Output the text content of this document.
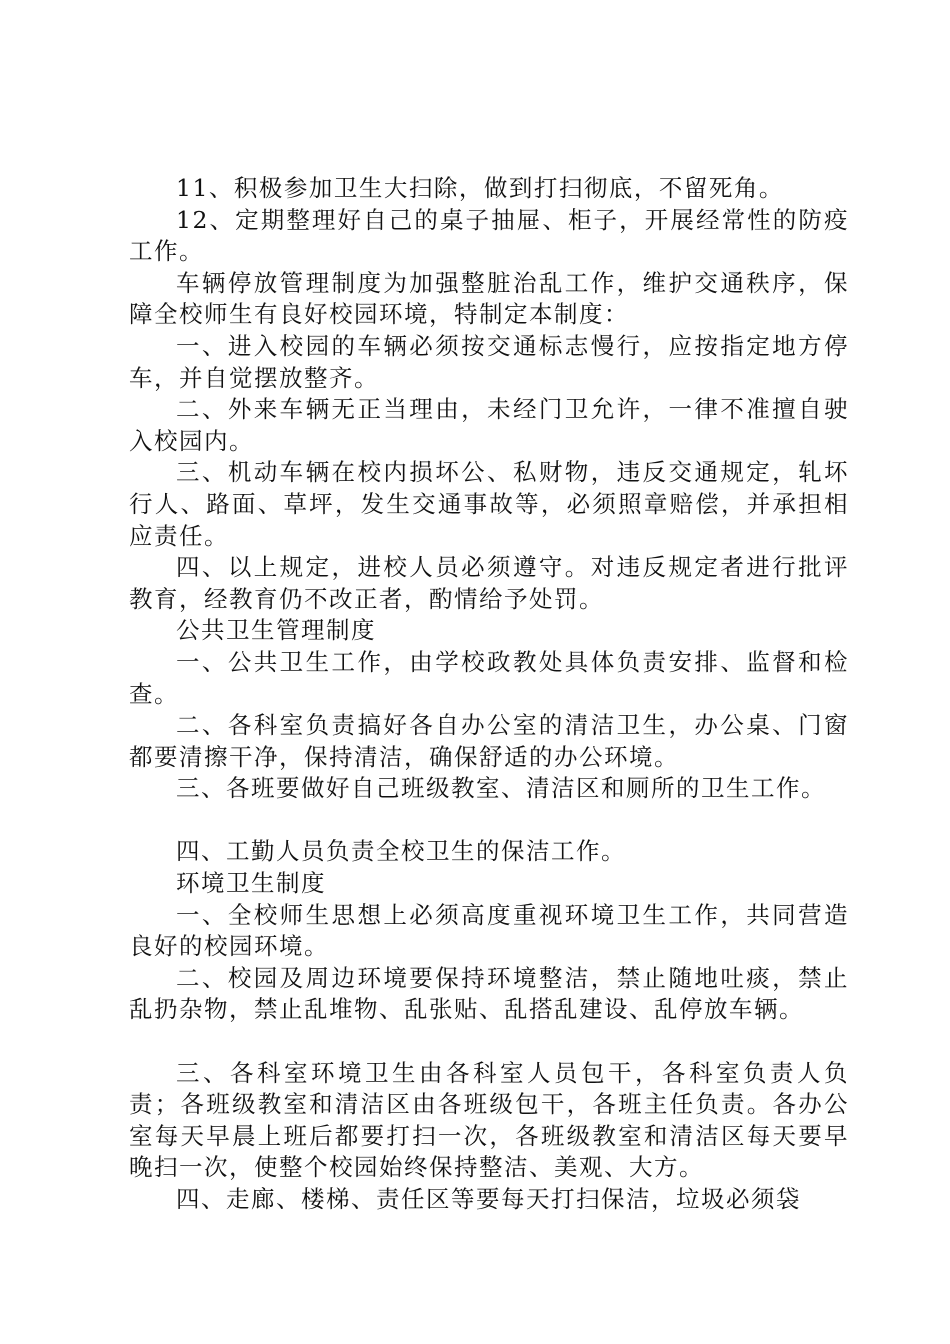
11、积极参加卫生大扫除，做到打扫彻底，不留死角。

12、定期整理好自己的桌子抽屉、柜子，开展经常性的防疫工作。

车辆停放管理制度为加强整脏治乱工作，维护交通秩序，保障全校师生有良好校园环境，特制定本制度：

一、进入校园的车辆必须按交通标志慢行，应按指定地方停车，并自觉摆放整齐。

二、外来车辆无正当理由，未经门卫允许，一律不准擅自驶入校园内。

三、机动车辆在校内损坏公、私财物，违反交通规定，轧坏行人、路面、草坪，发生交通事故等，必须照章赔偿，并承担相应责任。

四、以上规定，进校人员必须遵守。对违反规定者进行批评教育，经教育仍不改正者，酌情给予处罚。

公共卫生管理制度

一、公共卫生工作，由学校政教处具体负责安排、监督和检查。

二、各科室负责搞好各自办公室的清洁卫生，办公桌、门窗都要清擦干净，保持清洁，确保舒适的办公环境。

三、各班要做好自己班级教室、清洁区和厕所的卫生工作。

四、工勤人员负责全校卫生的保洁工作。

环境卫生制度

一、全校师生思想上必须高度重视环境卫生工作，共同营造良好的校园环境。

二、校园及周边环境要保持环境整洁，禁止随地吐痰，禁止乱扔杂物，禁止乱堆物、乱张贴、乱搭乱建设、乱停放车辆。

三、各科室环境卫生由各科室人员包干，各科室负责人负责；各班级教室和清洁区由各班级包干，各班主任负责。各办公室每天早晨上班后都要打扫一次，各班级教室和清洁区每天要早晚扫一次，使整个校园始终保持整洁、美观、大方。

四、走廊、楼梯、责任区等要每天打扫保洁，垃圾必须袋
